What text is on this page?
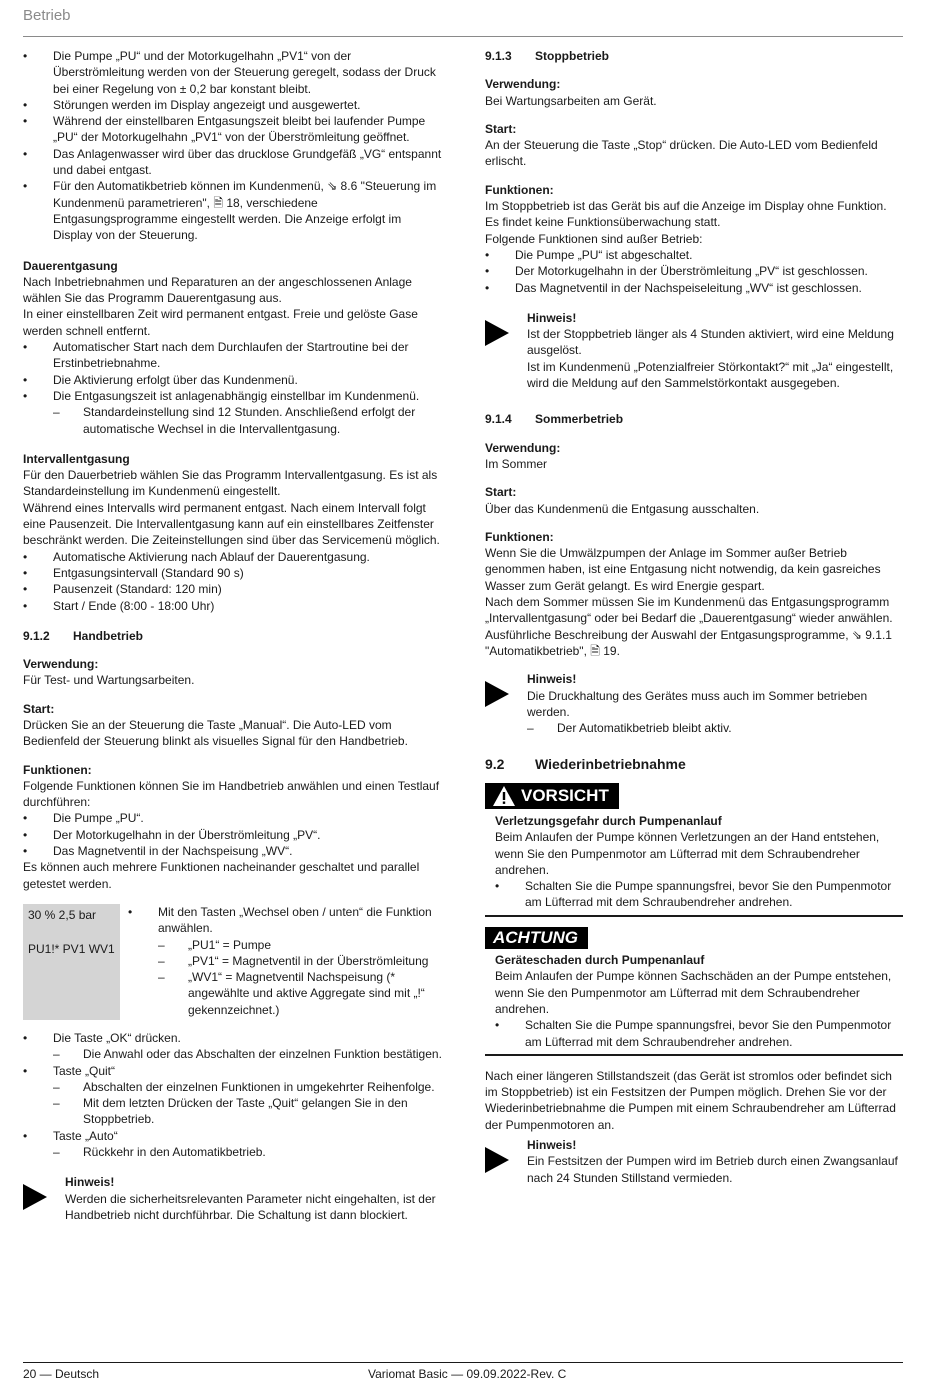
Betrieb
• Die Pumpe „PU“ und der Motorkugelhahn „PV1“ von der Überströmleitung werden von der Steuerung geregelt, sodass der Druck bei einer Regelung von ± 0,2 bar konstant bleibt.
• Störungen werden im Display angezeigt und ausgewertet.
• Während der einstellbaren Entgasungszeit bleibt bei laufender Pumpe „PU“ der Motorkugelhahn „PV1“ von der Überströmleitung geöffnet.
• Das Anlagenwasser wird über das drucklose Grundgefäß „VG“ entspannt und dabei entgast.
• Für den Automatikbetrieb können im Kundenmenü, ⇘ 8.6 "Steuerung im Kundenmenü parametrieren", 🗎 18, verschiedene Entgasungsprogramme eingestellt werden. Die Anzeige erfolgt im Display von der Steuerung.

Dauerentgasung

Nach Inbetriebnahmen und Reparaturen an der angeschlossenen Anlage wählen Sie das Programm Dauerentgasung aus.

In einer einstellbaren Zeit wird permanent entgast. Freie und gelöste Gase werden schnell entfernt.

• Automatischer Start nach dem Durchlaufen der Startroutine bei der Erstinbetriebnahme.
• Die Aktivierung erfolgt über das Kundenmenü.
• Die Entgasungszeit ist anlagenabhängig einstellbar im Kundenmenü.
– Standardeinstellung sind 12 Stunden. Anschließend erfolgt der automatische Wechsel in die Intervallentgasung.

Intervallentgasung

Für den Dauerbetrieb wählen Sie das Programm Intervallentgasung. Es ist als Standardeinstellung im Kundenmenü eingestellt.

Während eines Intervalls wird permanent entgast. Nach einem Intervall folgt eine Pausenzeit. Die Intervallentgasung kann auf ein einstellbares Zeitfenster beschränkt werden. Die Zeiteinstellungen sind über das Servicemenü möglich.

• Automatische Aktivierung nach Ablauf der Dauerentgasung.
• Entgasungsintervall (Standard 90 s)
• Pausenzeit (Standard: 120 min)
• Start / Ende (8:00 - 18:00 Uhr)
9.1.2	Handbetrieb

Verwendung:

Für Test- und Wartungsarbeiten.

Start:

Drücken Sie an der Steuerung die Taste „Manual“. Die Auto-LED vom Bedienfeld der Steuerung blinkt als visuelles Signal für den Handbetrieb.

Funktionen:

Folgende Funktionen können Sie im Handbetrieb anwählen und einen Testlauf durchführen:

• Die Pumpe „PU“.
• Der Motorkugelhahn in der Überströmleitung „PV“.
• Das Magnetventil in der Nachspeisung „WV“.

Es können auch mehrere Funktionen nacheinander geschaltet und parallel getestet werden.

30 % 2,5 bar
PU1!* PV1 WV1
• Mit den Tasten „Wechsel oben / unten“ die Funktion anwählen.
– „PU1“ = Pumpe
– „PV1“ = Magnetventil in der Überströmleitung
– „WV1“ = Magnetventil Nachspeisung (* angewählte und aktive Aggregate sind mit „!“ gekennzeichnet.)
• Die Taste „OK“ drücken.
– Die Anwahl oder das Abschalten der einzelnen Funktion bestätigen.
• Taste „Quit“
– Abschalten der einzelnen Funktionen in umgekehrter Reihenfolge.
– Mit dem letzten Drücken der Taste „Quit“ gelangen Sie in den Stoppbetrieb.
• Taste „Auto“
– Rückkehr in den Automatikbetrieb.

Hinweis!

Werden die sicherheitsrelevanten Parameter nicht eingehalten, ist der Handbetrieb nicht durchführbar. Die Schaltung ist dann blockiert.

9.1.3	Stoppbetrieb

Verwendung:

Bei Wartungsarbeiten am Gerät.

Start:

An der Steuerung die Taste „Stop“ drücken. Die Auto-LED vom Bedienfeld erlischt.

Funktionen:

Im Stoppbetrieb ist das Gerät bis auf die Anzeige im Display ohne Funktion. Es findet keine Funktionsüberwachung statt.

Folgende Funktionen sind außer Betrieb:

• Die Pumpe „PU“ ist abgeschaltet.
• Der Motorkugelhahn in der Überströmleitung „PV“ ist geschlossen.
• Das Magnetventil in der Nachspeiseleitung „WV“ ist geschlossen.

Hinweis!

Ist der Stoppbetrieb länger als 4 Stunden aktiviert, wird eine Meldung ausgelöst.

Ist im Kundenmenü „Potenzialfreier Störkontakt?“ mit „Ja“ eingestellt, wird die Meldung auf den Sammelstörkontakt ausgegeben.

9.1.4	Sommerbetrieb

Verwendung:

Im Sommer

Start:

Über das Kundenmenü die Entgasung ausschalten.

Funktionen:

Wenn Sie die Umwälzpumpen der Anlage im Sommer außer Betrieb genommen haben, ist eine Entgasung nicht notwendig, da kein gasreiches Wasser zum Gerät gelangt. Es wird Energie gespart.

Nach dem Sommer müssen Sie im Kundenmenü das Entgasungsprogramm „Intervallentgasung“ oder bei Bedarf die „Dauerentgasung“ wieder anwählen.

Ausführliche Beschreibung der Auswahl der Entgasungsprogramme, ⇘ 9.1.1 "Automatikbetrieb", 🗎 19.

Hinweis!

Die Druckhaltung des Gerätes muss auch im Sommer betrieben werden.

– Der Automatikbetrieb bleibt aktiv.
9.2	Wiederinbetriebnahme
VORSICHT

Verletzungsgefahr durch Pumpenanlauf

Beim Anlaufen der Pumpe können Verletzungen an der Hand entstehen, wenn Sie den Pumpenmotor am Lüfterrad mit dem Schraubendreher andrehen.

• Schalten Sie die Pumpe spannungsfrei, bevor Sie den Pumpenmotor am Lüfterrad mit dem Schraubendreher andrehen.
ACHTUNG

Geräteschaden durch Pumpenanlauf

Beim Anlaufen der Pumpe können Sachschäden an der Pumpe entstehen, wenn Sie den Pumpenmotor am Lüfterrad mit dem Schraubendreher andrehen.

• Schalten Sie die Pumpe spannungsfrei, bevor Sie den Pumpenmotor am Lüfterrad mit dem Schraubendreher andrehen.

Nach einer längeren Stillstandszeit (das Gerät ist stromlos oder befindet sich im Stoppbetrieb) ist ein Festsitzen der Pumpen möglich. Drehen Sie vor der Wiederinbetriebnahme die Pumpen mit einem Schraubendreher am Lüfterrad der Pumpenmotoren an.

Hinweis!

Ein Festsitzen der Pumpen wird im Betrieb durch einen Zwangsanlauf nach 24 Stunden Stillstand vermieden.

20 — Deutsch	Variomat Basic — 09.09.2022-Rev. C
